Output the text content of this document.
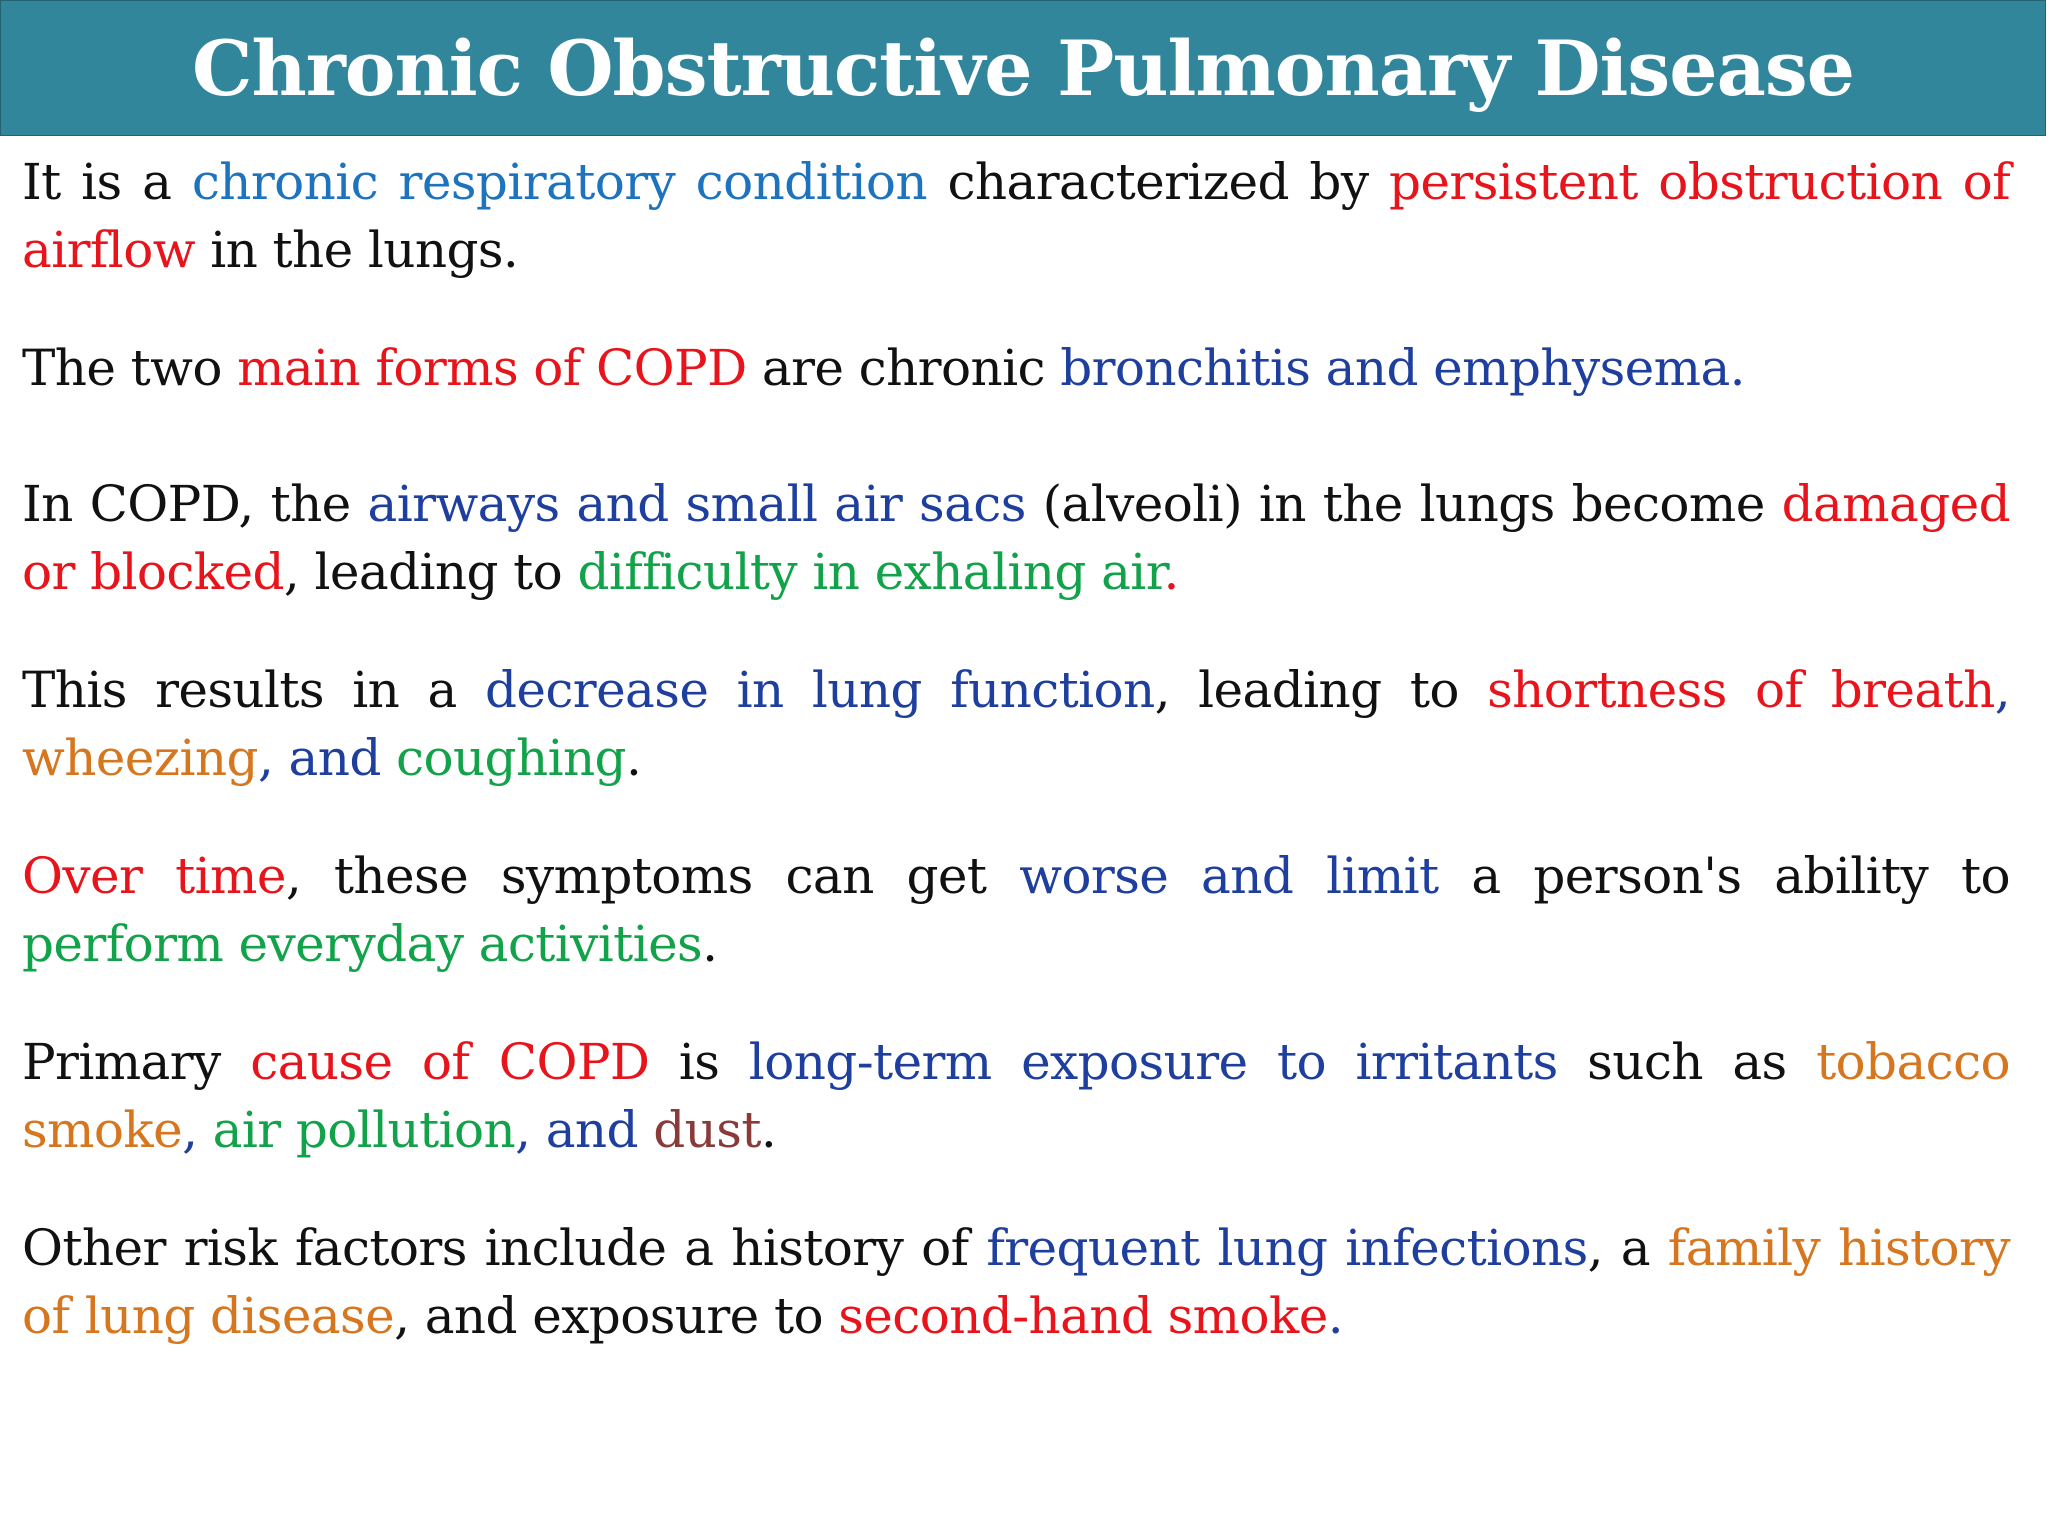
Chronic Obstructive Pulmonary Disease

It is a chronic respiratory condition characterized by persistent obstruction of airflow in the lungs.

The two main forms of COPD are chronic bronchitis and emphysema.

In COPD, the airways and small air sacs (alveoli) in the lungs become damaged or blocked, leading to difficulty in exhaling air.

This results in a decrease in lung function, leading to shortness of breath, wheezing, and coughing.

Over time, these symptoms can get worse and limit a person's ability to perform everyday activities.

Primary cause of COPD is long-term exposure to irritants such as tobacco smoke, air pollution, and dust.

Other risk factors include a history of frequent lung infections, a family history of lung disease, and exposure to second-hand smoke.
